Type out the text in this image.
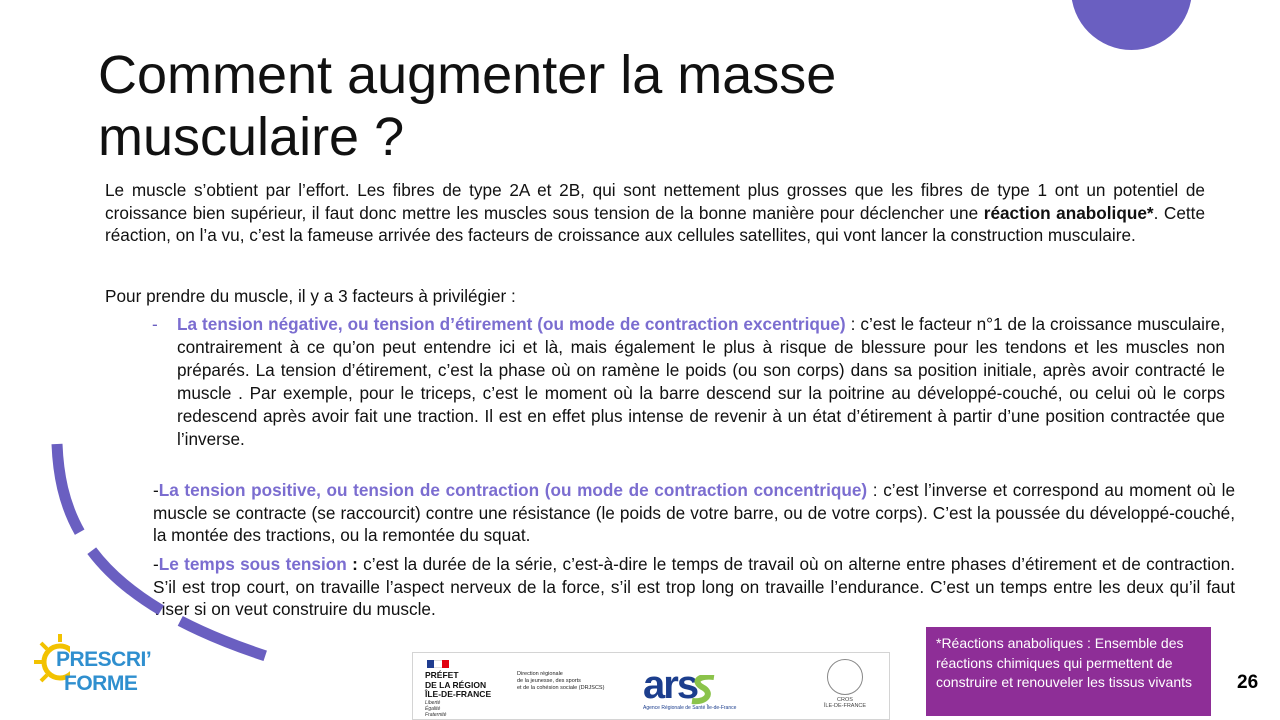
Comment augmenter la masse
musculaire ?

Le muscle s’obtient par l’effort. Les fibres de type 2A et 2B, qui sont nettement plus grosses que les fibres de type 1 ont un potentiel de croissance bien supérieur, il faut donc mettre les muscles sous tension de la bonne manière pour déclencher une réaction anabolique*. Cette réaction, on l’a vu, c’est la fameuse arrivée des facteurs de croissance aux cellules satellites, qui vont lancer la construction musculaire.

Pour prendre du muscle, il y a 3 facteurs à privilégier :
- La tension négative, ou tension d’étirement (ou mode de contraction excentrique) : c’est le facteur n°1 de la croissance musculaire, contrairement à ce qu’on peut entendre ici et là, mais également le plus à risque de blessure pour les tendons et les muscles non préparés. La tension d’étirement, c’est la phase où on ramène le poids (ou son corps) dans sa position initiale, après avoir contracté le muscle . Par exemple, pour le triceps, c’est le moment où la barre descend sur la poitrine au développé-couché, ou celui où le corps redescend après avoir fait une traction. Il est en effet plus intense de revenir à un état d’étirement à partir d’une position contractée que l’inverse.
-La tension positive, ou tension de contraction (ou mode de contraction concentrique) : c’est l’inverse et correspond au moment où le muscle se contracte (se raccourcit) contre une résistance (le poids de votre barre, ou de votre corps). C’est la poussée du développé-couché, la montée des tractions, ou la remontée du squat.
-Le temps sous tension : c’est la durée de la série, c’est-à-dire le temps de travail où on alterne entre phases d’étirement et de contraction. S’il est trop court, on travaille l’aspect nerveux de la force, s’il est trop long on travaille l’endurance. C’est un temps entre les deux qu’il faut viser si on veut construire du muscle.
PRESCRI’
FORME	PRÉFET
DE LA RÉGION
ÎLE-DE-FRANCE
Liberté
Égalité
Fraternité
Direction régionale
de la jeunesse, des sports
et de la cohésion sociale (DRJSCS) ars
Agence Régionale de Santé Île-de-France
CROS
ÎLE-DE-FRANCE
*Réactions anaboliques : Ensemble des réactions chimiques qui permettent de construire et renouveler les tissus vivants	26
